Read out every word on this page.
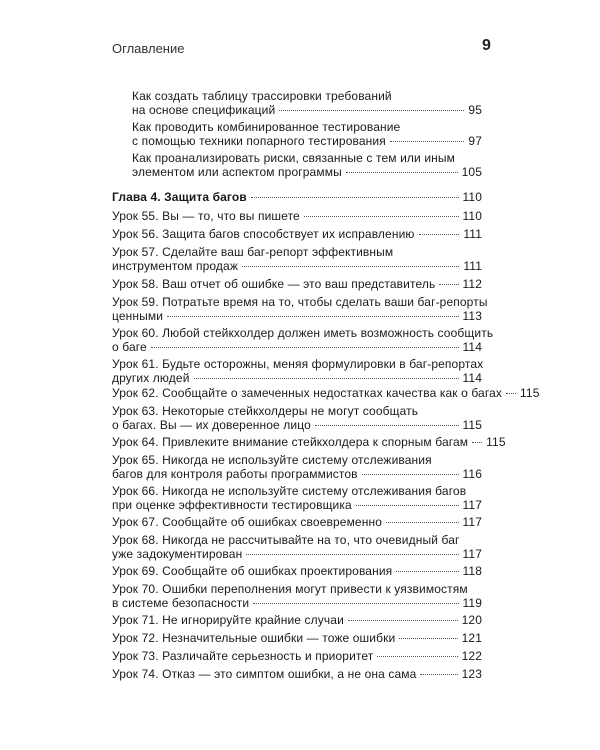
Оглавление	9
Как создать таблицу трассировки требований
на основе спецификаций	95
Как проводить комбинированное тестирование
с помощью техники попарного тестирования	97
Как проанализировать риски, связанные с тем или иным
элементом или аспектом программы	105
Глава 4. Защита багов	110
Урок 55. Вы — то, что вы пишете	110
Урок 56. Защита багов способствует их исправлению	111
Урок 57. Сделайте ваш баг-репорт эффективным
инструментом продаж	111
Урок 58. Ваш отчет об ошибке — это ваш представитель 112
Урок 59. Потратьте время на то, чтобы сделать ваши баг-репорты
ценными	113
Урок 60. Любой стейкхолдер должен иметь возможность сообщить
о баге	114
Урок 61. Будьте осторожны, меняя формулировки в баг-репортах
других людей	114
Урок 62. Сообщайте о замеченных недостатках качества как о багах 115
Урок 63. Некоторые стейкхолдеры не могут сообщать
о багах. Вы — их доверенное лицо	115
Урок 64. Привлеките внимание стейкхолдера к спорным багам 115
Урок 65. Никогда не используйте систему отслеживания
багов для контроля работы программистов	116
Урок 66. Никогда не используйте систему отслеживания багов
при оценке эффективности тестировщика	117
Урок 67. Сообщайте об ошибках своевременно	117
Урок 68. Никогда не рассчитывайте на то, что очевидный баг
уже задокументирован	117
Урок 69. Сообщайте об ошибках проектирования	118
Урок 70. Ошибки переполнения могут привести к уязвимостям
в системе безопасности	119
Урок 71. Не игнорируйте крайние случаи	120
Урок 72. Незначительные ошибки — тоже ошибки	121
Урок 73. Различайте серьезность и приоритет	122
Урок 74. Отказ — это симптом ошибки, а не она сама	123
